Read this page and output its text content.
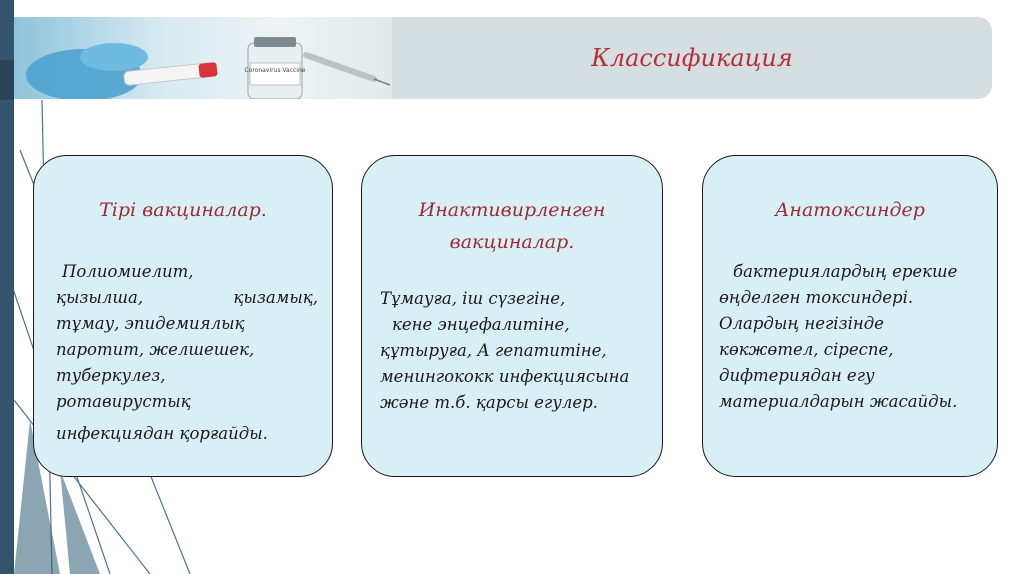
Coronavirus Vaccine	Классификация
Тірі вакциналар.
Полиомиелит,
қызылша,	қызамық,
тұмау, эпидемиялық
паротит, желшешек,
туберкулез,
ротавирустық
инфекциядан қорғайды.
Инактивирленген
вакциналар.
Тұмауға, іш сүзегіне,
кене энцефалитіне,
құтыруға, А гепатитіне,
менингококк инфекциясына
және т.б. қарсы егулер.
Анатоксиндер
бактериялардың ерекше
өңделген токсиндері.
Олардың негізінде
көкжөтел, сіреспе,
дифтериядан егу
материалдарын жасайды.
